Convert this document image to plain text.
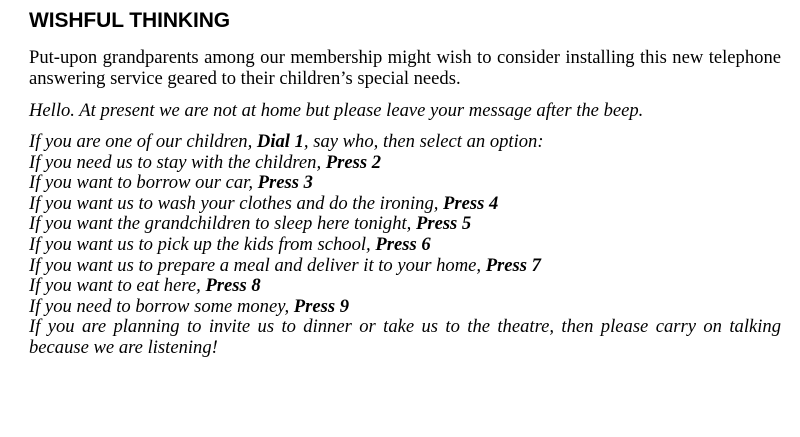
WISHFUL THINKING

Put-upon grandparents among our membership might wish to consider installing this new telephone answering service geared to their children’s special needs.

Hello. At present we are not at home but please leave your message after the beep.

If you are one of our children, Dial 1, say who, then select an option:
If you need us to stay with the children, Press 2
If you want to borrow our car, Press 3
If you want us to wash your clothes and do the ironing, Press 4
If you want the grandchildren to sleep here tonight, Press 5
If you want us to pick up the kids from school, Press 6
If you want us to prepare a meal and deliver it to your home, Press 7
If you want to eat here, Press 8
If you need to borrow some money, Press 9
If you are planning to invite us to dinner or take us to the theatre, then please carry on talking because we are listening!
